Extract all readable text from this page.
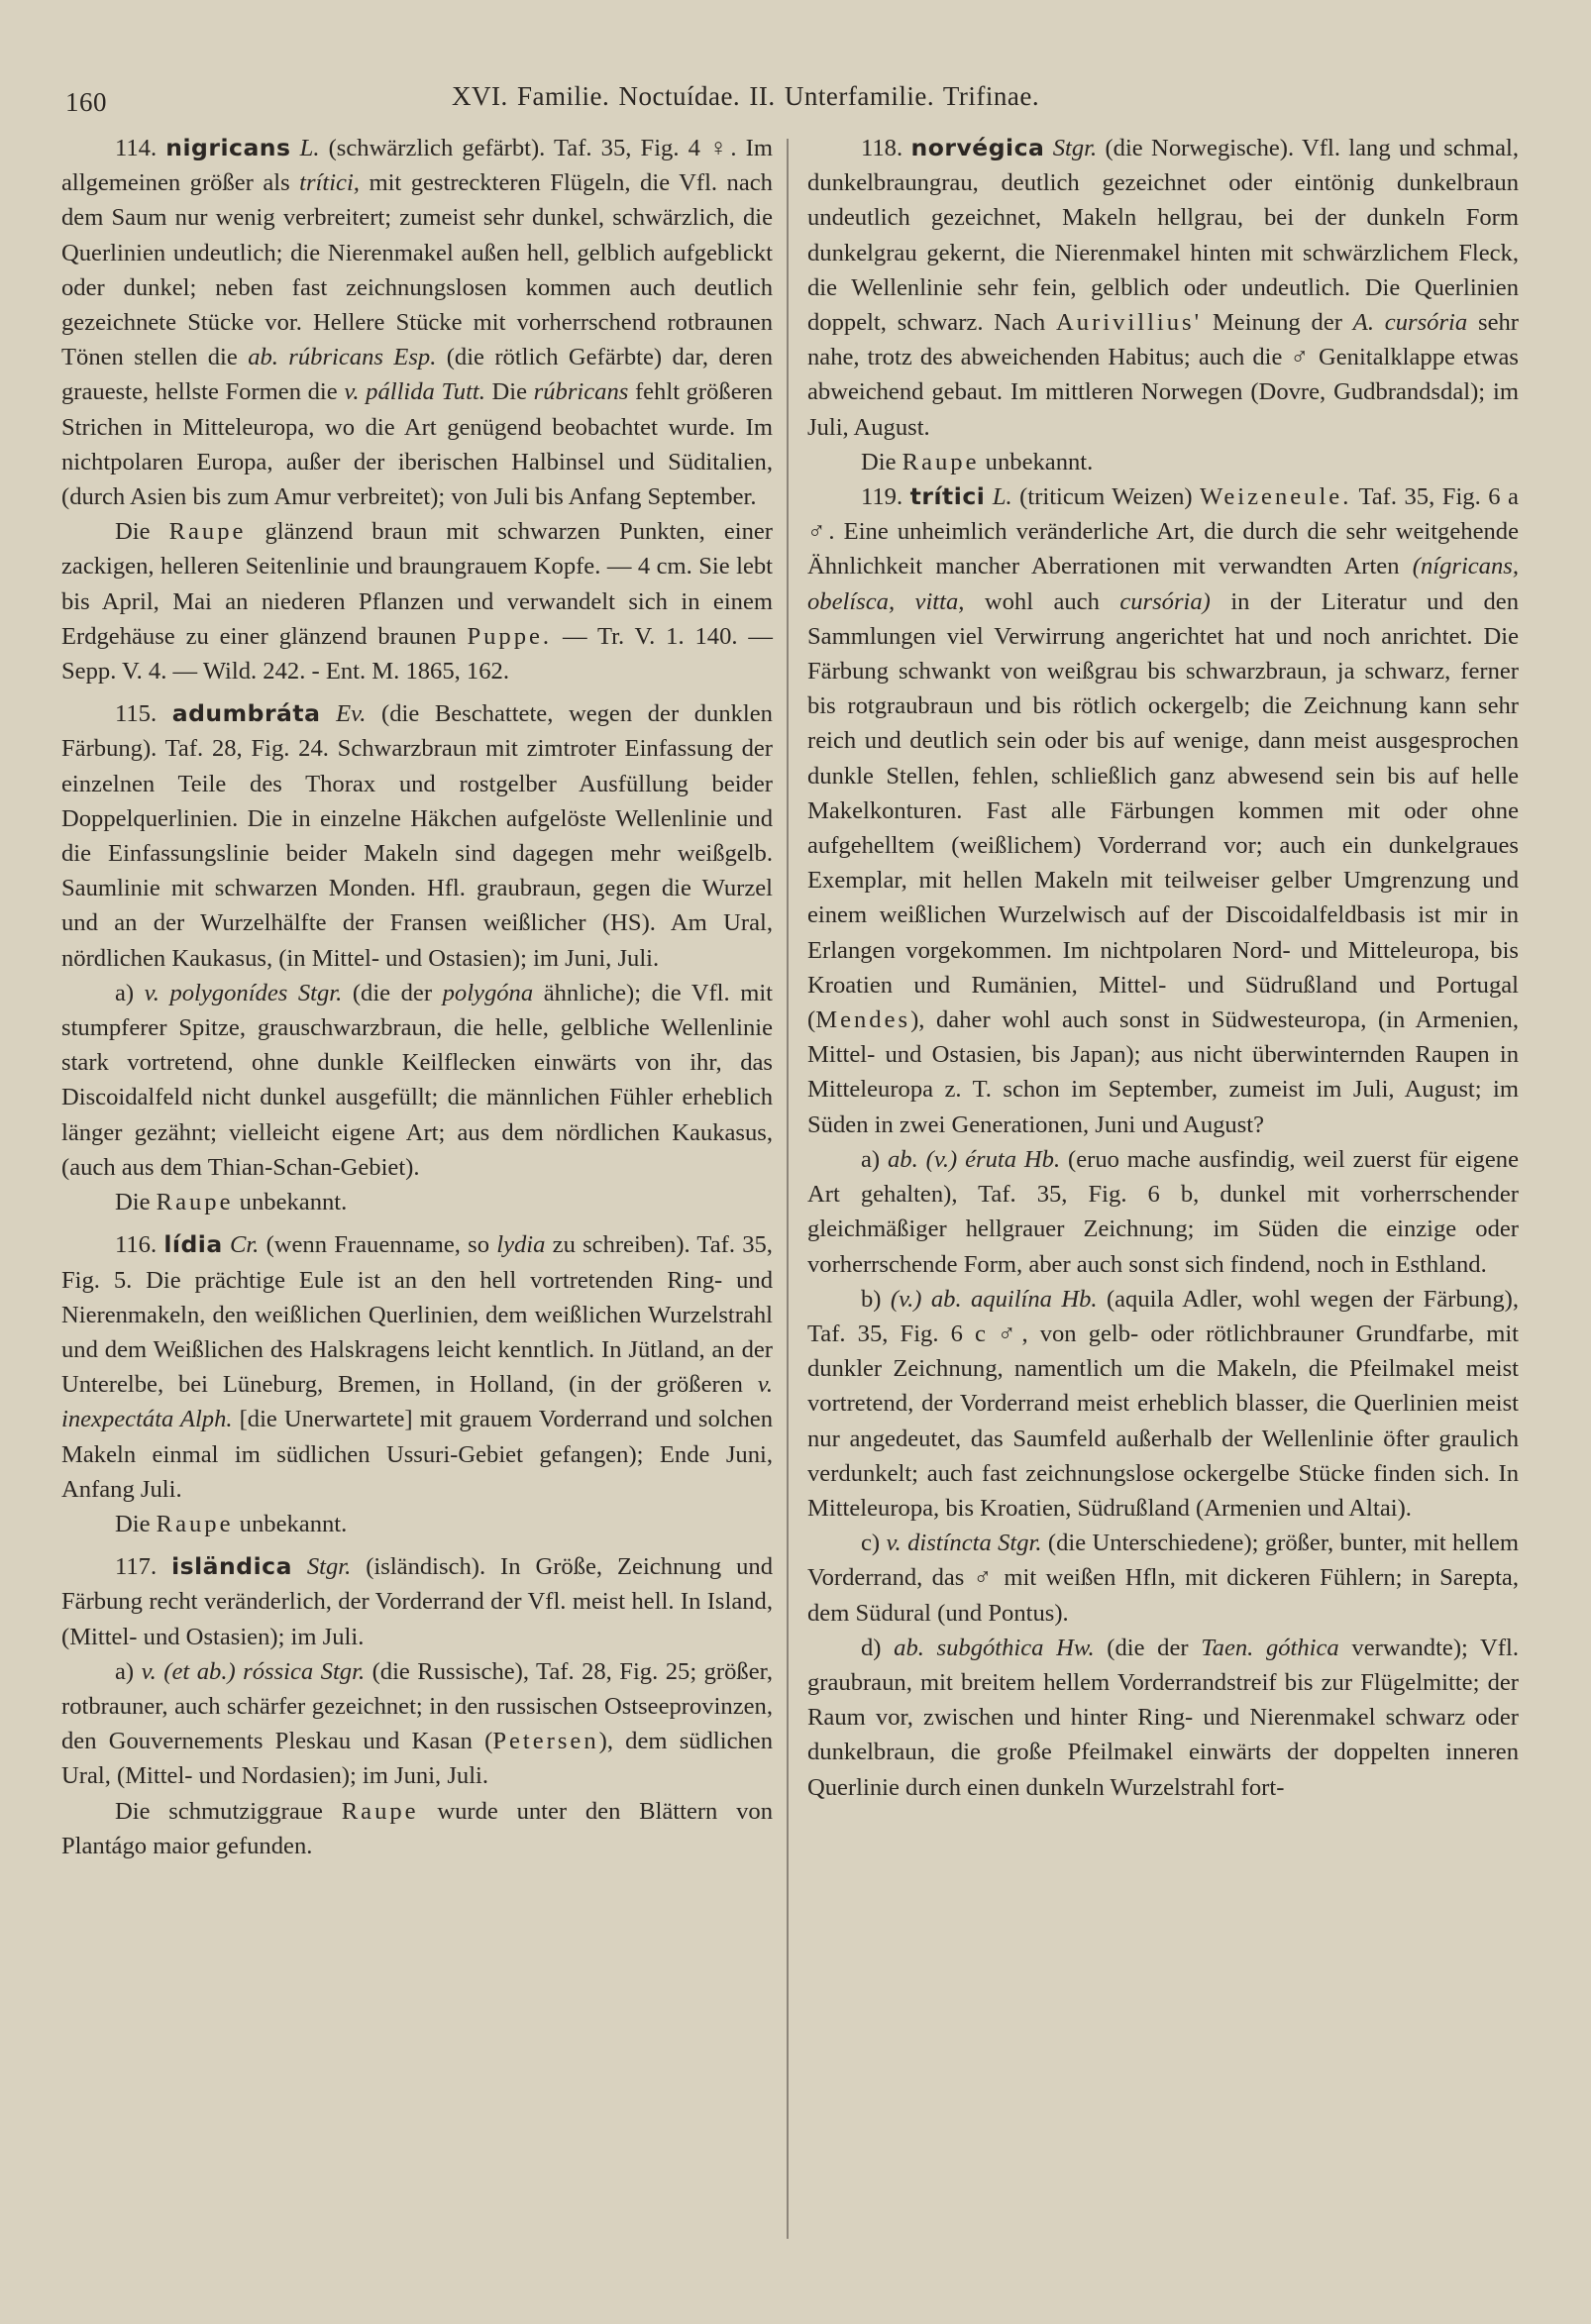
160	XVI. Familie. Noctuídae. II. Unterfamilie. Trifinae.

114. nigricans L. (schwärzlich gefärbt). Taf. 35, Fig. 4 ♀. Im allgemeinen größer als trítici, mit gestreckteren Flügeln, die Vfl. nach dem Saum nur wenig verbreitert; zumeist sehr dunkel, schwärzlich, die Querlinien undeutlich; die Nierenmakel außen hell, gelblich aufgeblickt oder dunkel; neben fast zeichnungslosen kommen auch deutlich gezeichnete Stücke vor. Hellere Stücke mit vorherrschend rotbraunen Tönen stellen die ab. rúbricans Esp. (die rötlich Gefärbte) dar, deren graueste, hellste Formen die v. pállida Tutt. Die rúbricans fehlt größeren Strichen in Mitteleuropa, wo die Art genügend beobachtet wurde. Im nichtpolaren Europa, außer der iberischen Halbinsel und Süditalien, (durch Asien bis zum Amur verbreitet); von Juli bis Anfang September.

Die Raupe glänzend braun mit schwarzen Punkten, einer zackigen, helleren Seitenlinie und braungrauem Kopfe. — 4 cm. Sie lebt bis April, Mai an niederen Pflanzen und verwandelt sich in einem Erdgehäuse zu einer glänzend braunen Puppe. — Tr. V. 1. 140. — Sepp. V. 4. — Wild. 242. - Ent. M. 1865, 162.

115. adumbráta Ev. (die Beschattete, wegen der dunklen Färbung). Taf. 28, Fig. 24. Schwarzbraun mit zimtroter Einfassung der einzelnen Teile des Thorax und rostgelber Ausfüllung beider Doppelquerlinien. Die in einzelne Häkchen aufgelöste Wellenlinie und die Einfassungslinie beider Makeln sind dagegen mehr weißgelb. Saumlinie mit schwarzen Monden. Hfl. graubraun, gegen die Wurzel und an der Wurzelhälfte der Fransen weißlicher (HS). Am Ural, nördlichen Kaukasus, (in Mittel- und Ostasien); im Juni, Juli.

a) v. polygonídes Stgr. (die der polygóna ähnliche); die Vfl. mit stumpferer Spitze, grauschwarzbraun, die helle, gelbliche Wellenlinie stark vortretend, ohne dunkle Keilflecken einwärts von ihr, das Discoidalfeld nicht dunkel ausgefüllt; die männlichen Fühler erheblich länger gezähnt; vielleicht eigene Art; aus dem nördlichen Kaukasus, (auch aus dem Thian-Schan-Gebiet).

Die Raupe unbekannt.

116. lídia Cr. (wenn Frauenname, so lydia zu schreiben). Taf. 35, Fig. 5. Die prächtige Eule ist an den hell vortretenden Ring- und Nierenmakeln, den weißlichen Querlinien, dem weißlichen Wurzelstrahl und dem Weißlichen des Halskragens leicht kenntlich. In Jütland, an der Unterelbe, bei Lüneburg, Bremen, in Holland, (in der größeren v. inexpectáta Alph. [die Unerwartete] mit grauem Vorderrand und solchen Makeln einmal im südlichen Ussuri-Gebiet gefangen); Ende Juni, Anfang Juli.

Die Raupe unbekannt.

117. isländica Stgr. (isländisch). In Größe, Zeichnung und Färbung recht veränderlich, der Vorderrand der Vfl. meist hell. In Island, (Mittel- und Ostasien); im Juli.

a) v. (et ab.) róssica Stgr. (die Russische), Taf. 28, Fig. 25; größer, rotbrauner, auch schärfer gezeichnet; in den russischen Ostseeprovinzen, den Gouvernements Pleskau und Kasan (Petersen), dem südlichen Ural, (Mittel- und Nordasien); im Juni, Juli.

Die schmutziggraue Raupe wurde unter den Blättern von Plantágo maior gefunden.

118. norvégica Stgr. (die Norwegische). Vfl. lang und schmal, dunkelbraungrau, deutlich gezeichnet oder eintönig dunkelbraun undeutlich gezeichnet, Makeln hellgrau, bei der dunkeln Form dunkelgrau gekernt, die Nierenmakel hinten mit schwärzlichem Fleck, die Wellenlinie sehr fein, gelblich oder undeutlich. Die Querlinien doppelt, schwarz. Nach Aurivillius' Meinung der A. cursória sehr nahe, trotz des abweichenden Habitus; auch die ♂ Genitalklappe etwas abweichend gebaut. Im mittleren Norwegen (Dovre, Gudbrandsdal); im Juli, August.

Die Raupe unbekannt.

119. trítici L. (triticum Weizen) Weizeneule. Taf. 35, Fig. 6 a ♂. Eine unheimlich veränderliche Art, die durch die sehr weitgehende Ähnlichkeit mancher Aberrationen mit verwandten Arten (nígricans, obelísca, vitta, wohl auch cursória) in der Literatur und den Sammlungen viel Verwirrung angerichtet hat und noch anrichtet. Die Färbung schwankt von weißgrau bis schwarzbraun, ja schwarz, ferner bis rotgraubraun und bis rötlich ockergelb; die Zeichnung kann sehr reich und deutlich sein oder bis auf wenige, dann meist ausgesprochen dunkle Stellen, fehlen, schließlich ganz abwesend sein bis auf helle Makelkonturen. Fast alle Färbungen kommen mit oder ohne aufgehelltem (weißlichem) Vorderrand vor; auch ein dunkelgraues Exemplar, mit hellen Makeln mit teilweiser gelber Umgrenzung und einem weißlichen Wurzelwisch auf der Discoidalfeldbasis ist mir in Erlangen vorgekommen. Im nichtpolaren Nord- und Mitteleuropa, bis Kroatien und Rumänien, Mittel- und Südrußland und Portugal (Mendes), daher wohl auch sonst in Südwesteuropa, (in Armenien, Mittel- und Ostasien, bis Japan); aus nicht überwinternden Raupen in Mitteleuropa z. T. schon im September, zumeist im Juli, August; im Süden in zwei Generationen, Juni und August?

a) ab. (v.) éruta Hb. (eruo mache ausfindig, weil zuerst für eigene Art gehalten), Taf. 35, Fig. 6 b, dunkel mit vorherrschender gleichmäßiger hellgrauer Zeichnung; im Süden die einzige oder vorherrschende Form, aber auch sonst sich findend, noch in Esthland.

b) (v.) ab. aquilína Hb. (aquila Adler, wohl wegen der Färbung), Taf. 35, Fig. 6 c ♂, von gelb- oder rötlichbrauner Grundfarbe, mit dunkler Zeichnung, namentlich um die Makeln, die Pfeilmakel meist vortretend, der Vorderrand meist erheblich blasser, die Querlinien meist nur angedeutet, das Saumfeld außerhalb der Wellenlinie öfter graulich verdunkelt; auch fast zeichnungslose ockergelbe Stücke finden sich. In Mitteleuropa, bis Kroatien, Südrußland (Armenien und Altai).

c) v. distíncta Stgr. (die Unterschiedene); größer, bunter, mit hellem Vorderrand, das ♂ mit weißen Hfln, mit dickeren Fühlern; in Sarepta, dem Südural (und Pontus).

d) ab. subgóthica Hw. (die der Taen. góthica verwandte); Vfl. graubraun, mit breitem hellem Vorderrandstreif bis zur Flügelmitte; der Raum vor, zwischen und hinter Ring- und Nierenmakel schwarz oder dunkelbraun, die große Pfeilmakel einwärts der doppelten inneren Querlinie durch einen dunkeln Wurzelstrahl fort-
